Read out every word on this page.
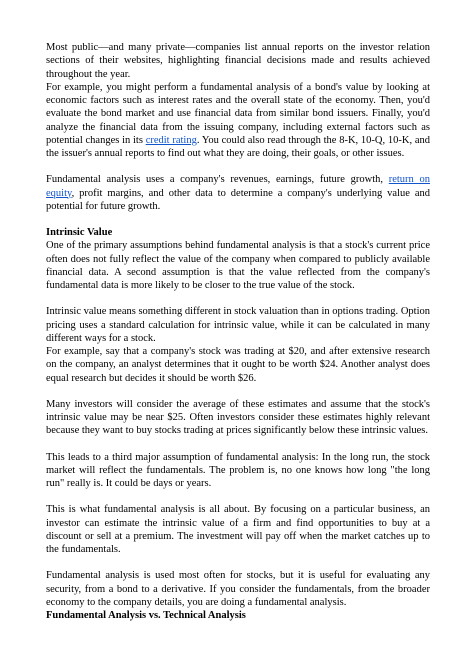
Most public—and many private—companies list annual reports on the investor relation sections of their websites, highlighting financial decisions made and results achieved throughout the year.

For example, you might perform a fundamental analysis of a bond's value by looking at economic factors such as interest rates and the overall state of the economy. Then, you'd evaluate the bond market and use financial data from similar bond issuers. Finally, you'd analyze the financial data from the issuing company, including external factors such as potential changes in its credit rating. You could also read through the 8-K, 10-Q, 10-K, and the issuer's annual reports to find out what they are doing, their goals, or other issues.

Fundamental analysis uses a company's revenues, earnings, future growth, return on equity, profit margins, and other data to determine a company's underlying value and potential for future growth.

Intrinsic Value

One of the primary assumptions behind fundamental analysis is that a stock's current price often does not fully reflect the value of the company when compared to publicly available financial data. A second assumption is that the value reflected from the company's fundamental data is more likely to be closer to the true value of the stock.

Intrinsic value means something different in stock valuation than in options trading. Option pricing uses a standard calculation for intrinsic value, while it can be calculated in many different ways for a stock.

For example, say that a company's stock was trading at $20, and after extensive research on the company, an analyst determines that it ought to be worth $24. Another analyst does equal research but decides it should be worth $26.

Many investors will consider the average of these estimates and assume that the stock's intrinsic value may be near $25. Often investors consider these estimates highly relevant because they want to buy stocks trading at prices significantly below these intrinsic values.

This leads to a third major assumption of fundamental analysis: In the long run, the stock market will reflect the fundamentals. The problem is, no one knows how long "the long run" really is. It could be days or years.

This is what fundamental analysis is all about. By focusing on a particular business, an investor can estimate the intrinsic value of a firm and find opportunities to buy at a discount or sell at a premium. The investment will pay off when the market catches up to the fundamentals.

Fundamental analysis is used most often for stocks, but it is useful for evaluating any security, from a bond to a derivative. If you consider the fundamentals, from the broader economy to the company details, you are doing a fundamental analysis.

Fundamental Analysis vs. Technical Analysis
